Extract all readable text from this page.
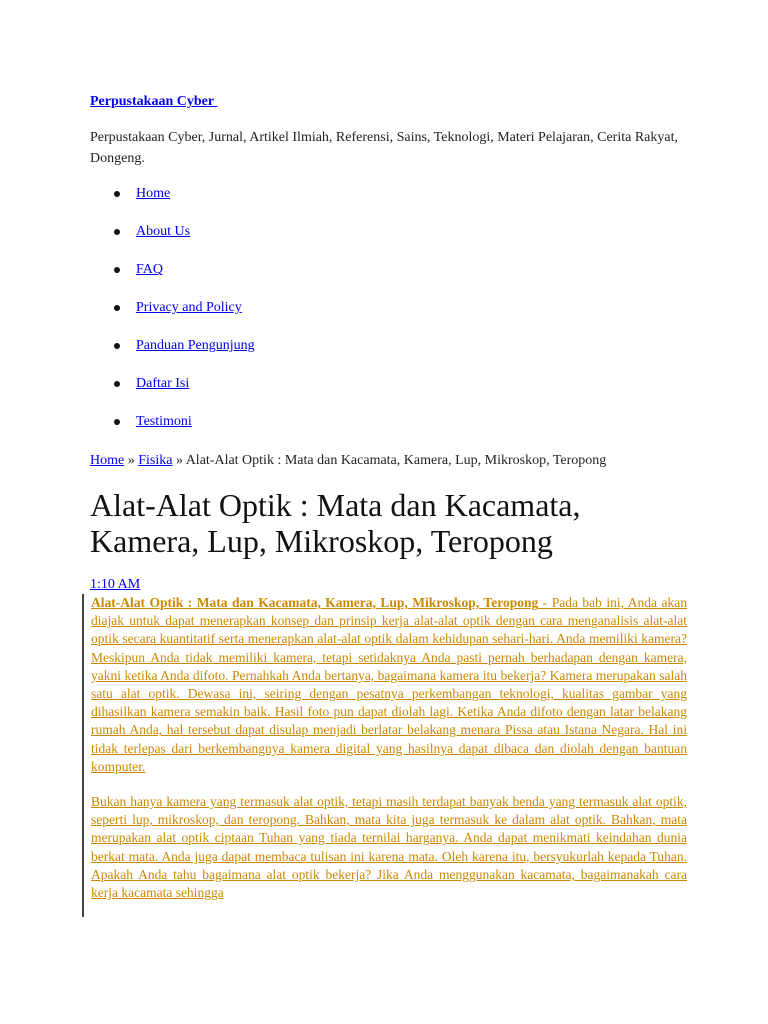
Perpustakaan Cyber
Perpustakaan Cyber, Jurnal, Artikel Ilmiah, Referensi, Sains, Teknologi, Materi Pelajaran, Cerita Rakyat, Dongeng.
Home
About Us
FAQ
Privacy and Policy
Panduan Pengunjung
Daftar Isi
Testimoni
Home » Fisika » Alat-Alat Optik : Mata dan Kacamata, Kamera, Lup, Mikroskop, Teropong
Alat-Alat Optik : Mata dan Kacamata, Kamera, Lup, Mikroskop, Teropong
1:10 AM

Alat-Alat Optik : Mata dan Kacamata, Kamera, Lup, Mikroskop, Teropong - Pada bab ini, Anda akan diajak untuk dapat menerapkan konsep dan prinsip kerja alat-alat optik dengan cara menganalisis alat-alat optik secara kuantitatif serta menerapkan alat-alat optik dalam kehidupan sehari-hari. Anda memiliki kamera? Meskipun Anda tidak memiliki kamera, tetapi setidaknya Anda pasti pernah berhadapan dengan kamera, yakni ketika Anda difoto. Pernahkah Anda bertanya, bagaimana kamera itu bekerja? Kamera merupakan salah satu alat optik. Dewasa ini, seiring dengan pesatnya perkembangan teknologi, kualitas gambar yang dihasilkan kamera semakin baik. Hasil foto pun dapat diolah lagi. Ketika Anda difoto dengan latar belakang rumah Anda, hal tersebut dapat disulap menjadi berlatar belakang menara Pissa atau Istana Negara. Hal ini tidak terlepas dari berkembangnya kamera digital yang hasilnya dapat dibaca dan diolah dengan bantuan komputer.

Bukan hanya kamera yang termasuk alat optik, tetapi masih terdapat banyak benda yang termasuk alat optik, seperti lup, mikroskop, dan teropong. Bahkan, mata kita juga termasuk ke dalam alat optik. Bahkan, mata merupakan alat optik ciptaan Tuhan yang tiada ternilai harganya. Anda dapat menikmati keindahan dunia berkat mata. Anda juga dapat membaca tulisan ini karena mata. Oleh karena itu, bersyukurlah kepada Tuhan. Apakah Anda tahu bagaimana alat optik bekerja? Jika Anda menggunakan kacamata, bagaimanakah cara kerja kacamata sehingga
